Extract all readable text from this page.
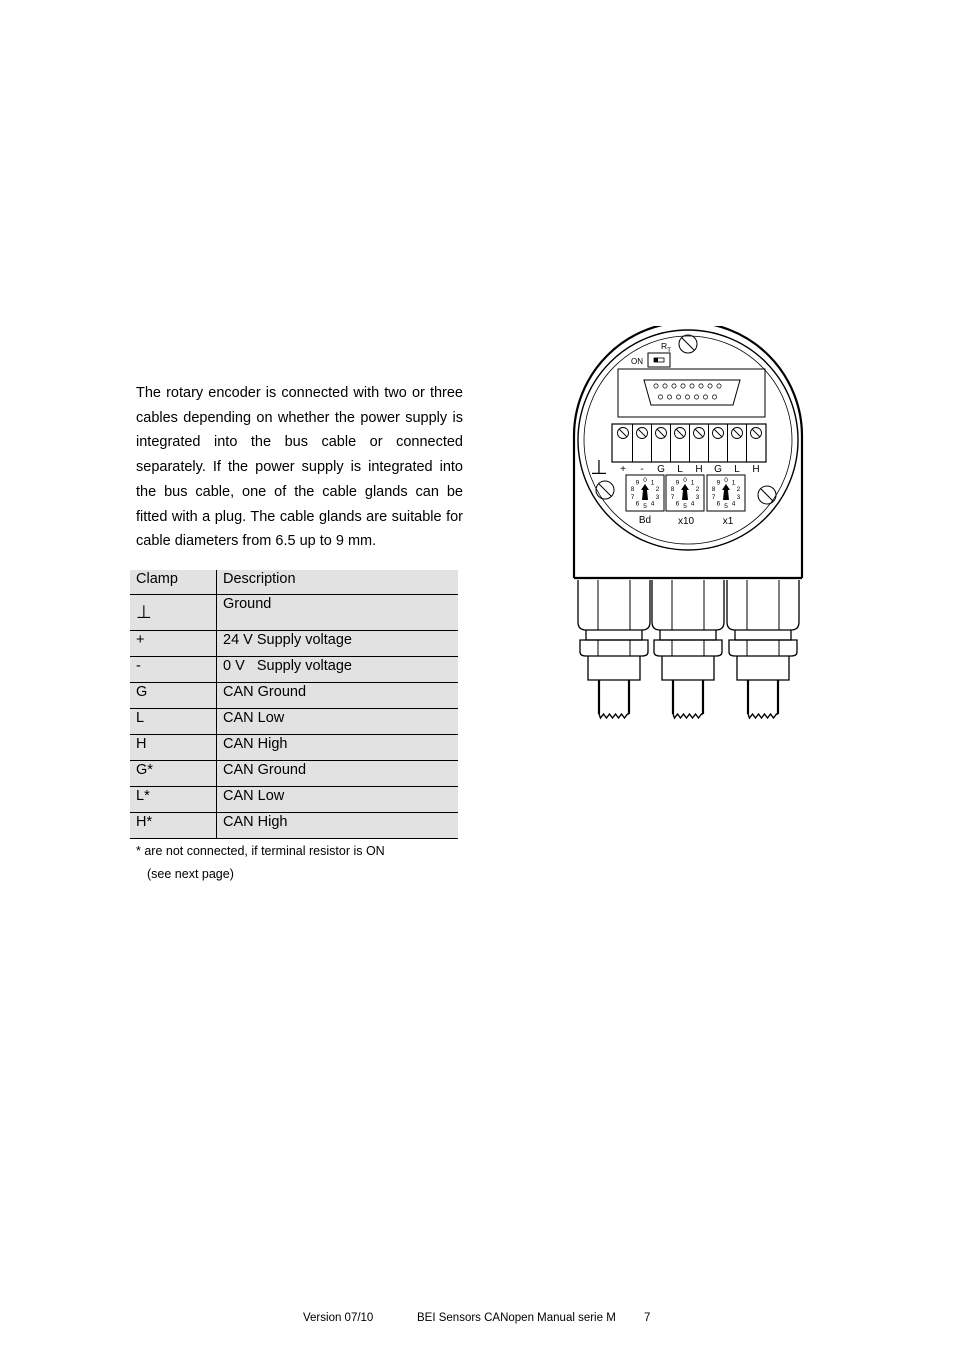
The rotary encoder is connected with two or three cables depending on whether the power supply is integrated into the bus cable or connected separately. If the power supply is integrated into the bus cable, one of the cable glands can be fitted with a plug. The cable glands are suitable for cable diameters from 6.5 up to 9 mm.

Clamp	Description
⊥	Ground
+	24 V Supply voltage
-	0 V   Supply voltage
G	CAN Ground
L	CAN Low
H	CAN High
G*	CAN Ground
L*	CAN Low
H*	CAN High
* are not connected, if terminal resistor is ON
(see next page)
$R_T$
ON
+ - G L H G L H
⊥
0 1
2
3
4
5
6
7
8
9	0 1
2
3
4
5
6
7
8
9	0 1
2
3
4
5
6
7
8
9
Bd	x10	x1
Version 07/10	BEI Sensors CANopen Manual serie M 7
